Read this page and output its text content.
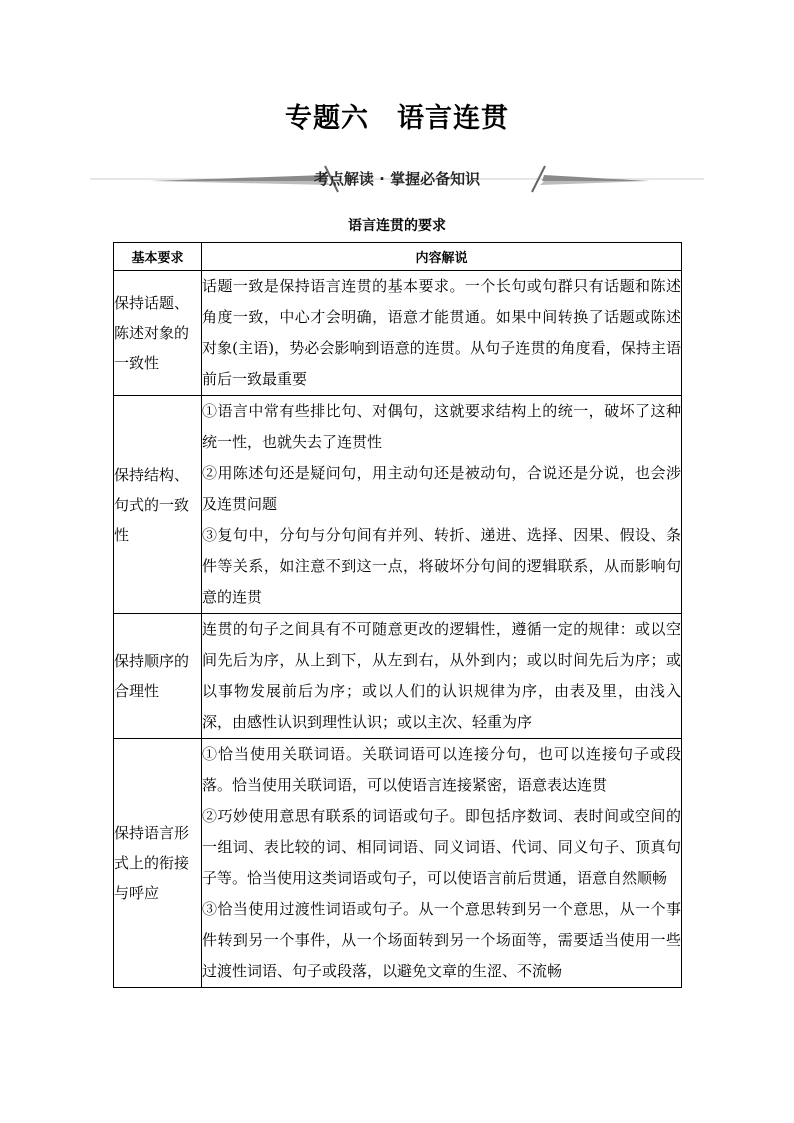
专题六　语言连贯
考点解读 · 掌握必备知识
语言连贯的要求
基本要求	内容解说
保持话题、陈述对象的一致性	话题一致是保持语言连贯的基本要求。一个长句或句群只有话题和陈述角度一致，中心才会明确，语意才能贯通。如果中间转换了话题或陈述对象(主语)，势必会影响到语意的连贯。从句子连贯的角度看，保持主语前后一致最重要

保持结构、句式的一致性	①语言中常有些排比句、对偶句，这就要求结构上的统一，破坏了这种统一性，也就失去了连贯性
②用陈述句还是疑问句，用主动句还是被动句，合说还是分说，也会涉及连贯问题
③复句中，分句与分句间有并列、转折、递进、选择、因果、假设、条件等关系，如注意不到这一点，将破坏分句间的逻辑联系，从而影响句意的连贯

保持顺序的合理性	连贯的句子之间具有不可随意更改的逻辑性，遵循一定的规律：或以空间先后为序，从上到下，从左到右，从外到内；或以时间先后为序；或以事物发展前后为序；或以人们的认识规律为序，由表及里，由浅入深，由感性认识到理性认识；或以主次、轻重为序

保持语言形式上的衔接与呼应	①恰当使用关联词语。关联词语可以连接分句，也可以连接句子或段落。恰当使用关联词语，可以使语言连接紧密，语意表达连贯
②巧妙使用意思有联系的词语或句子。即包括序数词、表时间或空间的一组词、表比较的词、相同词语、同义词语、代词、同义句子、顶真句子等。恰当使用这类词语或句子，可以使语言前后贯通，语意自然顺畅
③恰当使用过渡性词语或句子。从一个意思转到另一个意思，从一个事件转到另一个事件，从一个场面转到另一个场面等，需要适当使用一些过渡性词语、句子或段落，以避免文章的生涩、不流畅
